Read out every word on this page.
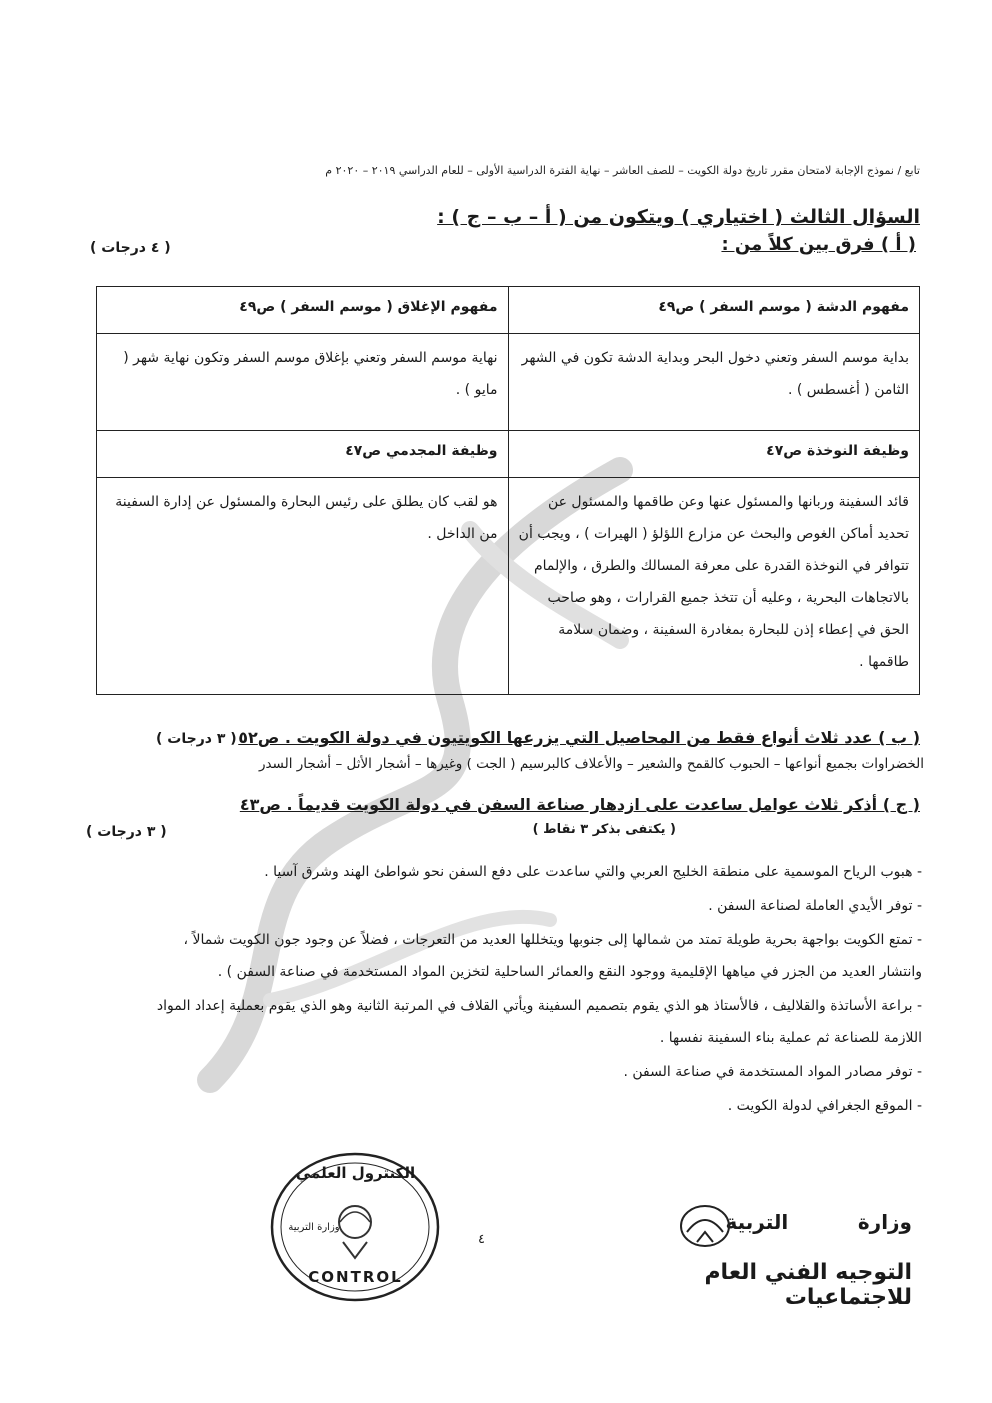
تابع / نموذج الإجابة لامتحان مقرر تاريخ دولة الكويت – للصف العاشر – نهاية الفترة الدراسية الأولى – للعام الدراسي ٢٠١٩ – ٢٠٢٠ م
السؤال الثالث ( اختياري ) ويتكون من ( أ – ب – ج ) :
( أ ) فرق بين كلاً من :
( ٤ درجات )
مفهوم الدشة ( موسم السفر ) ص٤٩	مفهوم الإغلاق ( موسم السفر ) ص٤٩
بداية موسم السفر وتعني دخول البحر وبداية الدشة تكون في الشهر الثامن ( أغسطس ) .	نهاية موسم السفر وتعني بإغلاق موسم السفر وتكون نهاية شهر ( مايو ) .
وظيفة النوخذة ص٤٧	وظيفة المجدمي ص٤٧
قائد السفينة وربانها والمسئول عنها وعن طاقمها والمسئول عن تحديد أماكن الغوص والبحث عن مزارع اللؤلؤ ( الهيرات ) ، ويجب أن تتوافر في النوخذة القدرة على معرفة المسالك والطرق ، والإلمام بالاتجاهات البحرية ، وعليه أن تتخذ جميع القرارات ، وهو صاحب الحق في إعطاء إذن للبحارة بمغادرة السفينة ، وضمان سلامة طاقمها .	هو لقب كان يطلق على رئيس البحارة والمسئول عن إدارة السفينة من الداخل .
( ب ) عدد ثلاث أنواع فقط من المحاصيل التي يزرعها الكويتيون في دولة الكويت . ص٥٢
( ٣ درجات )
الخضراوات بجميع أنواعها – الحبوب كالقمح والشعير – والأعلاف كالبرسيم ( الجت ) وغيرها – أشجار الأثل – أشجار السدر
( ج ) أذكر ثلاث عوامل ساعدت على ازدهار صناعة السفن في دولة الكويت قديماً . ص٤٣
( يكتفى بذكر ٣ نقاط )
( ٣ درجات )
- هبوب الرياح الموسمية على منطقة الخليج العربي والتي ساعدت على دفع السفن نحو شواطئ الهند وشرق آسيا .
- توفر الأيدي العاملة لصناعة السفن .
- تمتع الكويت بواجهة بحرية طويلة تمتد من شمالها إلى جنوبها ويتخللها العديد من التعرجات ، فضلاً عن وجود جون الكويت شمالاً ، وانتشار العديد من الجزر في مياهها الإقليمية ووجود النقع والعمائر الساحلية لتخزين المواد المستخدمة في صناعة السفن ) .
- براعة الأساتذة والقلاليف ، فالأستاذ هو الذي يقوم بتصميم السفينة ويأتي القلاف في المرتبة الثانية وهو الذي يقوم بعملية إعداد المواد اللازمة للصناعة ثم عملية بناء السفينة نفسها .
- توفر مصادر المواد المستخدمة في صناعة السفن .
- الموقع الجغرافي لدولة الكويت .
الكنترول العلمي
وزارة التربية
CONTROL
٤
وزارة          التربية
التوجيه الفني العام للاجتماعيات
